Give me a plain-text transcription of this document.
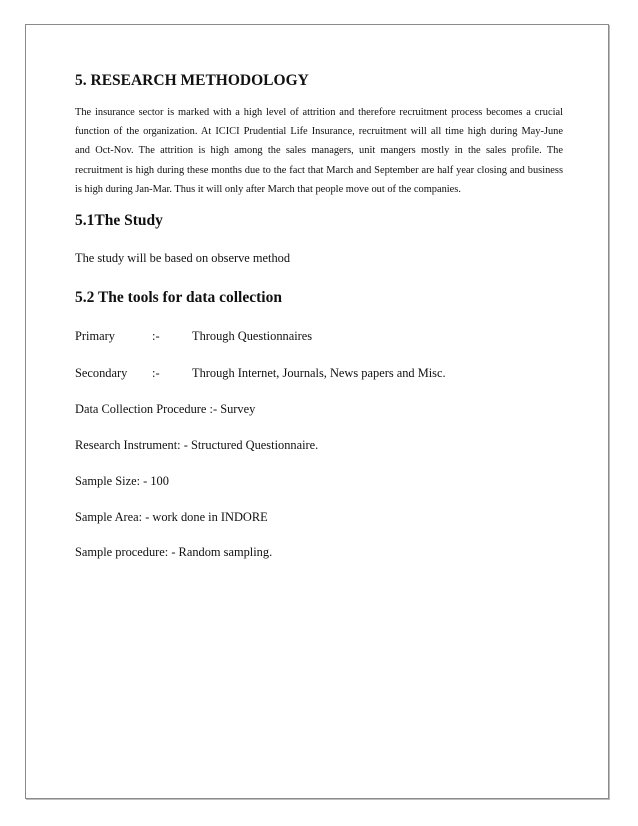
5. RESEARCH METHODOLOGY
The insurance sector is marked with a high level of attrition and therefore recruitment process becomes a crucial
function of the organization. At ICICI Prudential Life Insurance, recruitment will all time high during May-June
and Oct-Nov. The attrition is high among the sales managers, unit mangers mostly in the sales profile. The
recruitment is high during these months due to the fact that March and September are half year closing and business
is high during Jan-Mar. Thus it will only after March that people move out of the companies.
5.1The Study
The study will be based on observe method
5.2 The tools for data collection
Primary	:-	Through Questionnaires
Secondary :-	Through Internet, Journals, News papers and Misc.
Data Collection Procedure :- Survey
Research Instrument: - Structured Questionnaire.
Sample Size: - 100
Sample Area: - work done in INDORE
Sample procedure: - Random sampling.
